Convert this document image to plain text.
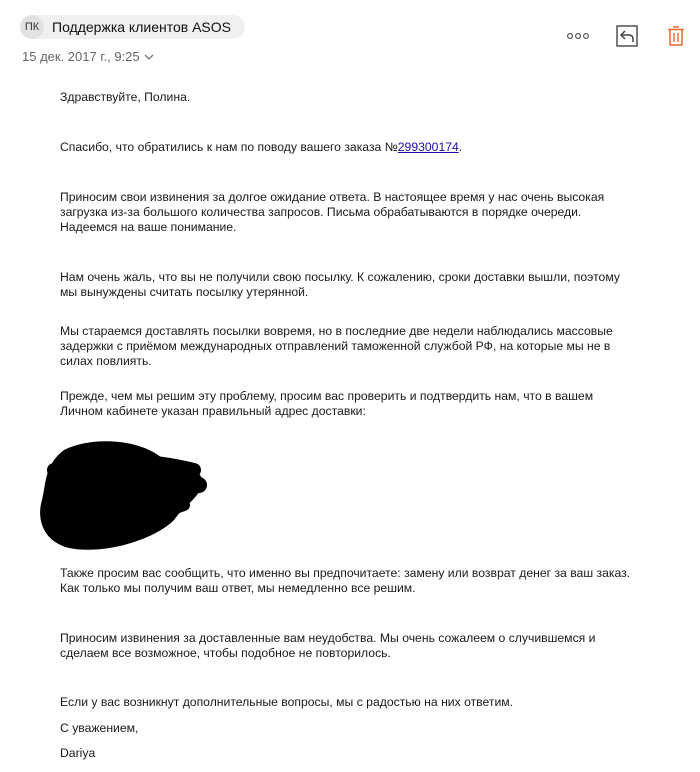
ПК Поддержка клиентов ASOS
15 дек. 2017 г., 9:25

Здравствуйте, Полина.

Спасибо, что обратились к нам по поводу вашего заказа №299300174.

Приносим свои извинения за долгое ожидание ответа. В настоящее время у нас очень высокая загрузка из-за большого количества запросов. Письма обрабатываются в порядке очереди. Надеемся на ваше понимание.

Нам очень жаль, что вы не получили свою посылку. К сожалению, сроки доставки вышли, поэтому мы вынуждены считать посылку утерянной.

Мы стараемся доставлять посылки вовремя, но в последние две недели наблюдались массовые задержки с приёмом международных отправлений таможенной службой РФ, на которые мы не в силах повлиять.

Прежде, чем мы решим эту проблему, просим вас проверить и подтвердить нам, что в вашем Личном кабинете указан правильный адрес доставки:

Также просим вас сообщить, что именно вы предпочитаете: замену или возврат денег за ваш заказ. Как только мы получим ваш ответ, мы немедленно все решим.

Приносим извинения за доставленные вам неудобства. Мы очень сожалеем о случившемся и сделаем все возможное, чтобы подобное не повторилось.

Если у вас возникнут дополнительные вопросы, мы с радостью на них ответим.

С уважением,

Dariya
